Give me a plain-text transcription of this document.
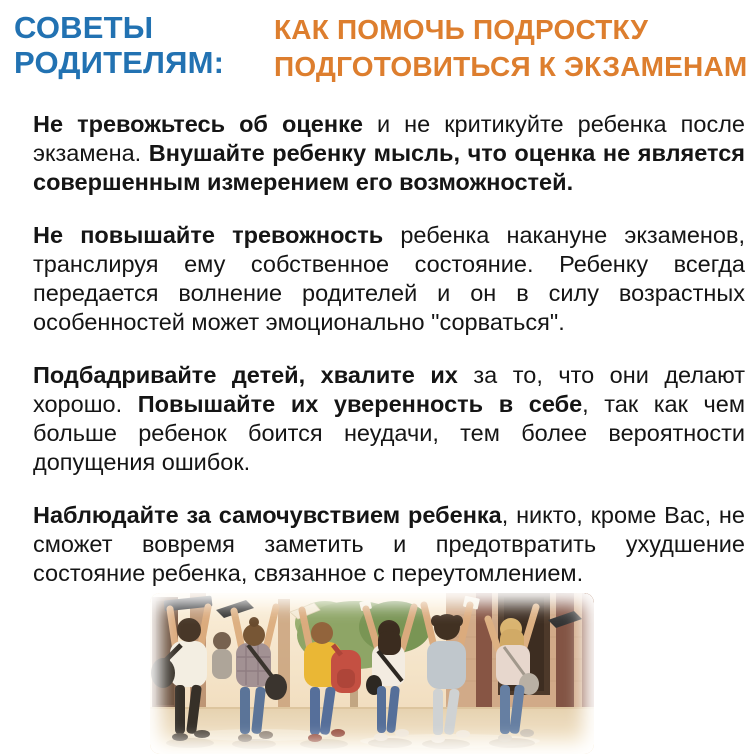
СОВЕТЫ
РОДИТЕЛЯМ:
КАК ПОМОЧЬ ПОДРОСТКУ
ПОДГОТОВИТЬСЯ К ЭКЗАМЕНАМ

Не тревожьтесь об оценке и не критикуйте ребенка после экзамена. Внушайте ребенку мысль, что оценка не является совершенным измерением его возможностей.

Не повышайте тревожность ребенка накануне экзаменов, транслируя ему собственное состояние. Ребенку всегда передается волнение родителей и он в силу возрастных особенностей может эмоционально "сорваться".

Подбадривайте детей, хвалите их за то, что они делают хорошо. Повышайте их уверенность в себе, так как чем больше ребенок боится неудачи, тем более вероятности допущения ошибок.

Наблюдайте за самочувствием ребенка, никто, кроме Вас, не сможет вовремя заметить и предотвратить ухудшение состояние ребенка, связанное с переутомлением.
